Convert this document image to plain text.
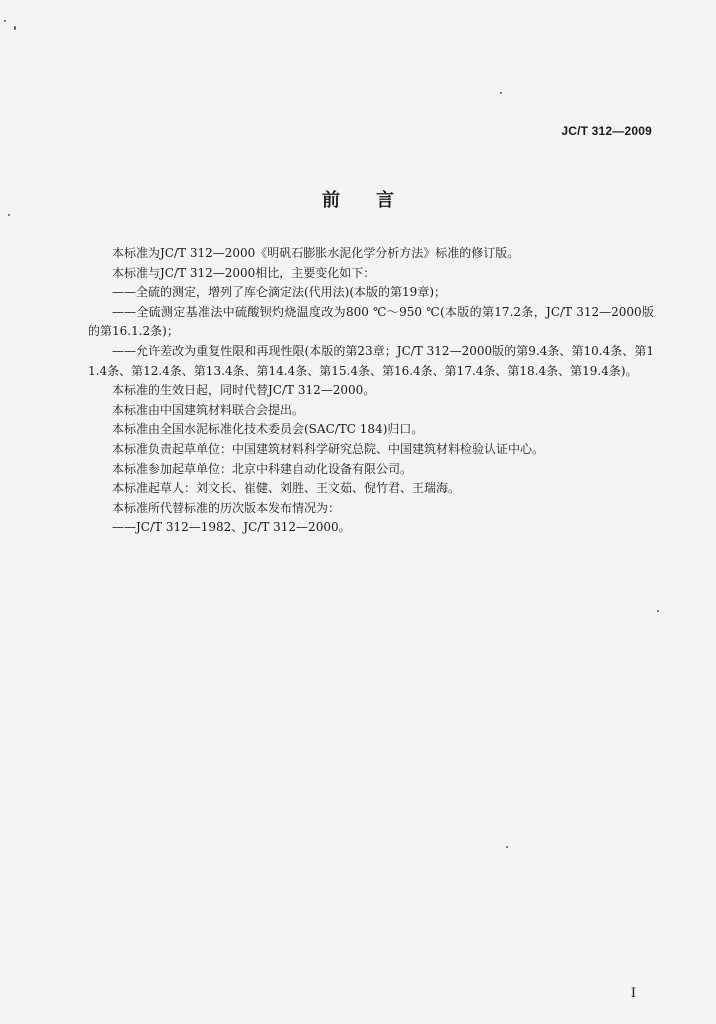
JC/T 312—2009
前言

本标准为JC/T 312—2000《明矾石膨胀水泥化学分析方法》标准的修订版。

本标准与JC/T 312—2000相比，主要变化如下：

——全硫的测定，增列了库仑滴定法(代用法)(本版的第19章)；

——全硫测定基准法中硫酸钡灼烧温度改为800 ℃～950 ℃(本版的第17.2条，JC/T 312—2000版的第16.1.2条)；

——允许差改为重复性限和再现性限(本版的第23章；JC/T 312—2000版的第9.4条、第10.4条、第11.4条、第12.4条、第13.4条、第14.4条、第15.4条、第16.4条、第17.4条、第18.4条、第19.4条)。

本标准的生效日起，同时代替JC/T 312—2000。

本标准由中国建筑材料联合会提出。

本标准由全国水泥标准化技术委员会(SAC/TC 184)归口。

本标准负责起草单位：中国建筑材料科学研究总院、中国建筑材料检验认证中心。

本标准参加起草单位：北京中科建自动化设备有限公司。

本标准起草人：刘文长、崔健、刘胜、王文茹、倪竹君、王瑞海。

本标准所代替标准的历次版本发布情况为：

——JC/T 312—1982、JC/T 312—2000。

I
